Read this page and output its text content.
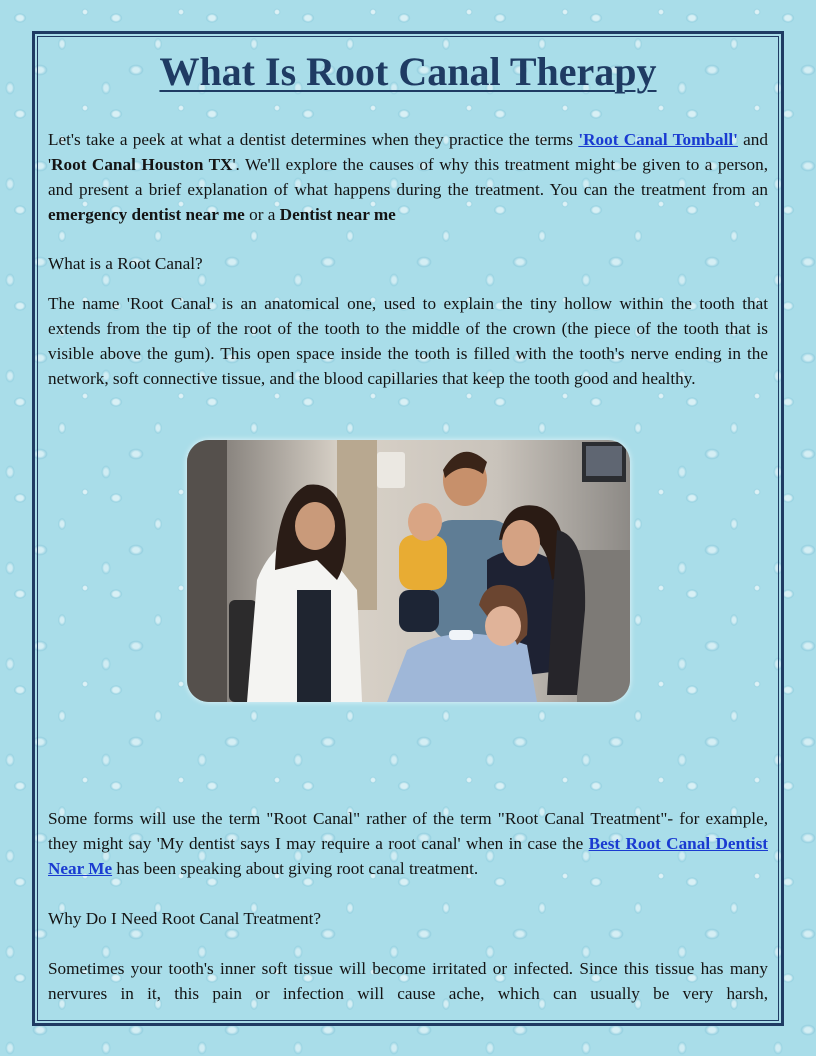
What Is Root Canal Therapy

Let's take a peek at what a dentist determines when they practice the terms 'Root Canal Tomball' and 'Root Canal Houston TX'. We'll explore the causes of why this treatment might be given to a person, and present a brief explanation of what happens during the treatment. You can the treatment from an emergency dentist near me or a Dentist near me

What is a Root Canal?

The name 'Root Canal' is an anatomical one, used to explain the tiny hollow within the tooth that extends from the tip of the root of the tooth to the middle of the crown (the piece of the tooth that is visible above the gum). This open space inside the tooth is filled with the tooth's nerve ending in the network, soft connective tissue, and the blood capillaries that keep the tooth good and healthy.

Some forms will use the term "Root Canal" rather of the term "Root Canal Treatment"- for example, they might say 'My dentist says I may require a root canal' when in case the Best Root Canal Dentist Near Me has been speaking about giving root canal treatment.

Why Do I Need Root Canal Treatment?

Sometimes your tooth's inner soft tissue will become irritated or infected. Since this tissue has many nervures in it, this pain or infection will cause ache, which can usually be very harsh,
